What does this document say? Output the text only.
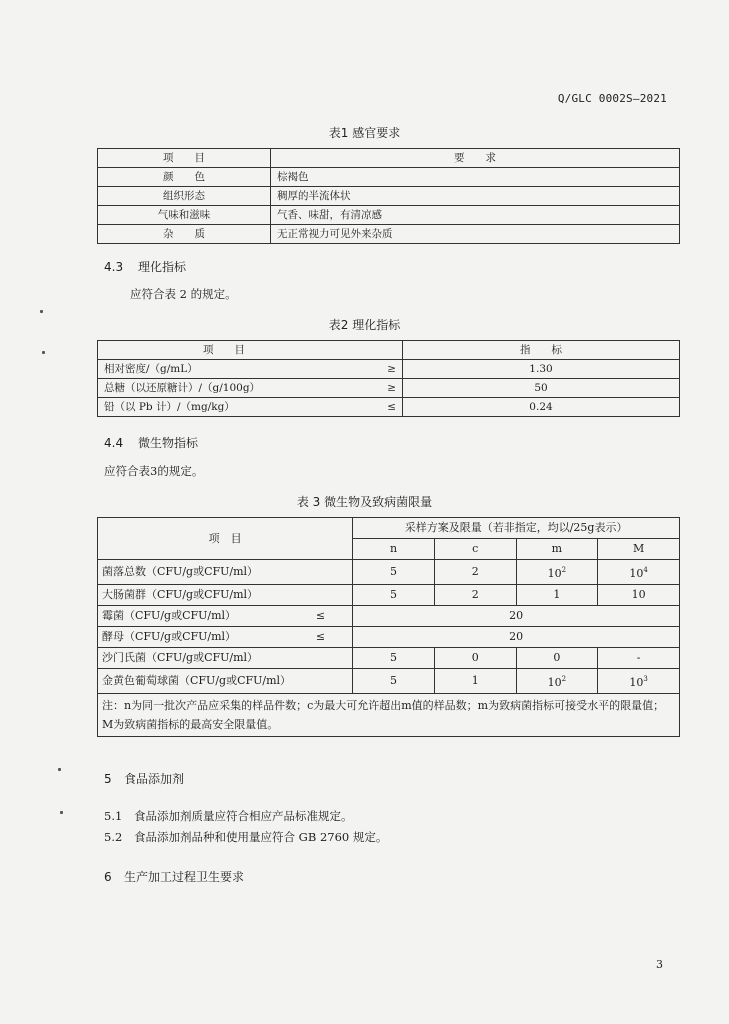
Q/GLC 0002S—2021
表1 感官要求
项　　目	要　　求
颜　　色	棕褐色
组织形态	稠厚的半流体状
气味和滋味	气香、味甜，有清凉感
杂　　质	无正常视力可见外来杂质
4.3 理化指标
应符合表 2 的规定。
表2 理化指标
项　　目		指　　标
相对密度/（g/mL）	≥	1.30
总糖（以还原糖计）/（g/100g）	≥	50
铅（以 Pb 计）/（mg/kg）	≤	0.24
4.4 微生物指标
应符合表3的规定。
表 3 微生物及致病菌限量
项　目		采样方案及限量（若非指定，均以/25g表示）			
		n	c	m	M
菌落总数（CFU/g或CFU/ml）		5	2	$10^2$	$10^4$
大肠菌群（CFU/g或CFU/ml）		5	2	1	10
霉菌（CFU/g或CFU/ml）	≤	20			
酵母（CFU/g或CFU/ml）	≤	20			
沙门氏菌（CFU/g或CFU/ml）		5	0	0	-
金黄色葡萄球菌（CFU/g或CFU/ml）		5	1	$10^2$	$10^3$
注：n为同一批次产品应采集的样品件数；c为最大可允许超出m值的样品数；m为致病菌指标可接受水平的限量值；M为致病菌指标的最高安全限量值。					
5 食品添加剂
5.1 食品添加剂质量应符合相应产品标准规定。
5.2 食品添加剂品种和使用量应符合 GB 2760 规定。
6 生产加工过程卫生要求
3
